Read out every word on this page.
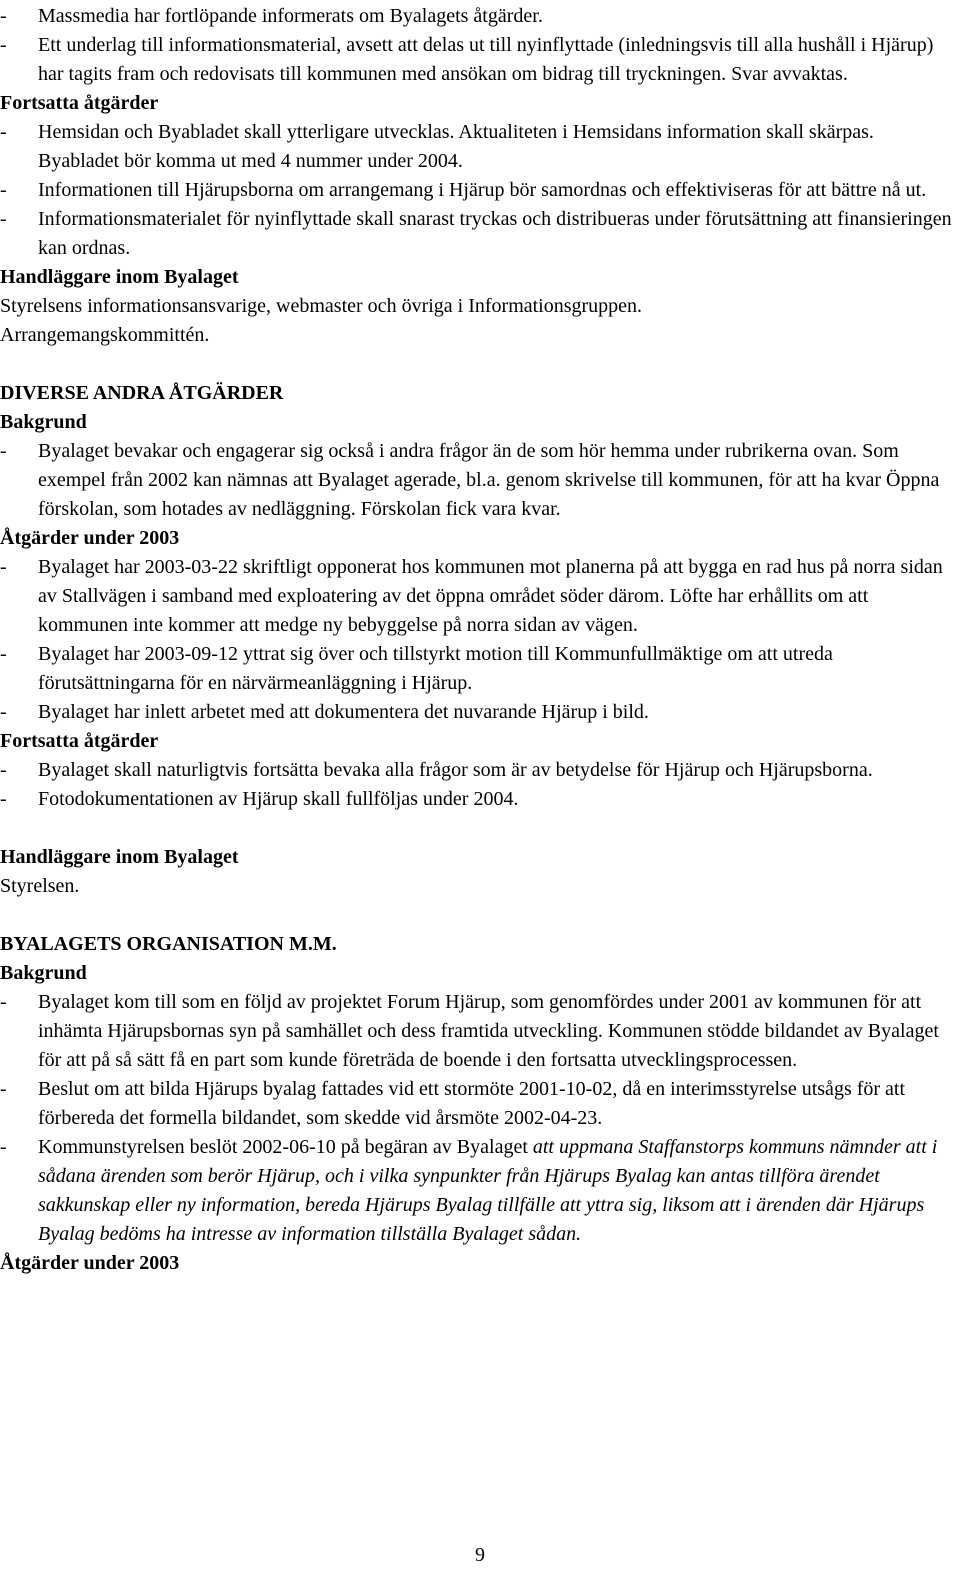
- Massmedia har fortlöpande informerats om Byalagets åtgärder.

- Ett underlag till informationsmaterial, avsett att delas ut till nyinflyttade (inledningsvis till alla hushåll i Hjärup) har tagits fram och redovisats till kommunen med ansökan om bidrag till tryckningen. Svar avvaktas.

Fortsatta åtgärder

- Hemsidan och Byabladet skall ytterligare utvecklas. Aktualiteten i Hemsidans information skall skärpas. Byabladet bör komma ut med 4 nummer under 2004.

- Informationen till Hjärupsborna om arrangemang i Hjärup bör samordnas och effektiviseras för att bättre nå ut.

- Informationsmaterialet för nyinflyttade skall snarast tryckas och distribueras under förutsättning att finansieringen kan ordnas.

Handläggare inom Byalaget

Styrelsens informationsansvarige, webmaster och övriga i Informationsgruppen.

Arrangemangskommittén.

DIVERSE ANDRA ÅTGÄRDER

Bakgrund

- Byalaget bevakar och engagerar sig också i andra frågor än de som hör hemma under rubrikerna ovan. Som exempel från 2002 kan nämnas att Byalaget agerade, bl.a. genom skrivelse till kommunen, för att ha kvar Öppna förskolan, som hotades av nedläggning. Förskolan fick vara kvar.

Åtgärder under 2003

- Byalaget har 2003-03-22 skriftligt opponerat hos kommunen mot planerna på att bygga en rad hus på norra sidan av Stallvägen i samband med exploatering av det öppna området söder därom. Löfte har erhållits om att kommunen inte kommer att medge ny bebyggelse på norra sidan av vägen.

- Byalaget har 2003-09-12 yttrat sig över och tillstyrkt motion till Kommunfullmäktige om att utreda förutsättningarna för en närvärmeanläggning i Hjärup.

- Byalaget har inlett arbetet med att dokumentera det nuvarande Hjärup i bild.

Fortsatta åtgärder

- Byalaget skall naturligtvis fortsätta bevaka alla frågor som är av betydelse för Hjärup och Hjärupsborna.

- Fotodokumentationen av Hjärup skall fullföljas under 2004.

Handläggare inom Byalaget

Styrelsen.

BYALAGETS ORGANISATION M.M.

Bakgrund

- Byalaget kom till som en följd av projektet Forum Hjärup, som genomfördes under 2001 av kommunen för att inhämta Hjärupsbornas syn på samhället och dess framtida utveckling. Kommunen stödde bildandet av Byalaget för att på så sätt få en part som kunde företräda de boende i den fortsatta utvecklingsprocessen.

- Beslut om att bilda Hjärups byalag fattades vid ett stormöte 2001-10-02, då en interimsstyrelse utsågs för att förbereda det formella bildandet, som skedde vid årsmöte 2002-04-23.

- Kommunstyrelsen beslöt 2002-06-10 på begäran av Byalaget att uppmana Staffanstorps kommuns nämnder att i sådana ärenden som berör Hjärup, och i vilka synpunkter från Hjärups Byalag kan antas tillföra ärendet sakkunskap eller ny information, bereda Hjärups Byalag tillfälle att yttra sig, liksom att i ärenden där Hjärups Byalag bedöms ha intresse av information tillställa Byalaget sådan.

Åtgärder under 2003

9
